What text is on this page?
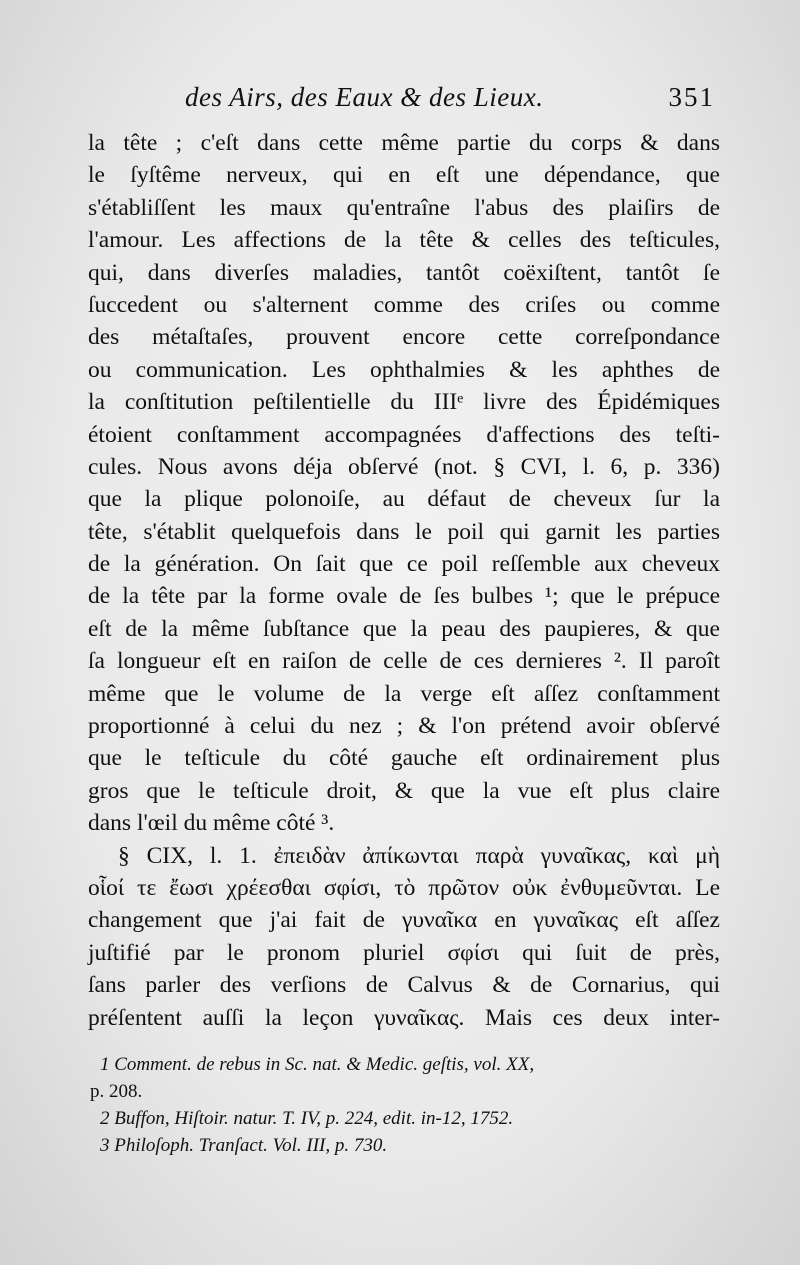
des Airs, des Eaux & des Lieux.	351
la tête ; c'eſt dans cette même partie du corps & dans
le ſyſtême nerveux, qui en eſt une dépendance, que
s'établiſſent les maux qu'entraîne l'abus des plaiſirs de
l'amour. Les affections de la tête & celles des teſticules,
qui, dans diverſes maladies, tantôt coëxiſtent, tantôt ſe
ſuccedent ou s'alternent comme des criſes ou comme
des métaſtaſes, prouvent encore cette correſpondance
ou communication. Les ophthalmies & les aphthes de
la conſtitution peſtilentielle du IIIᵉ livre des Épidémiques
étoient conſtamment accompagnées d'affections des teſti-
cules. Nous avons déja obſervé (not. § CVI, l. 6, p. 336)
que la plique polonoiſe, au défaut de cheveux ſur la
tête, s'établit quelquefois dans le poil qui garnit les parties
de la génération. On ſait que ce poil reſſemble aux cheveux
de la tête par la forme ovale de ſes bulbes ¹; que le prépuce
eſt de la même ſubſtance que la peau des paupieres, & que
ſa longueur eſt en raiſon de celle de ces dernieres ². Il paroît
même que le volume de la verge eſt aſſez conſtamment
proportionné à celui du nez ; & l'on prétend avoir obſervé
que le teſticule du côté gauche eſt ordinairement plus
gros que le teſticule droit, & que la vue eſt plus claire
dans l'œil du même côté ³.
§ CIX, l. 1. ἐπειδὰν ἀπίκωνται παρὰ γυναῖκας, καὶ μὴ
οἷοί τε ἔωσι χρέεσθαι σφίσι, τὸ πρῶτον οὐκ ἐνθυμεῦνται. Le
changement que j'ai fait de γυναῖκα en γυναῖκας eſt aſſez
juſtifié par le pronom pluriel σφίσι qui ſuit de près,
ſans parler des verſions de Calvus & de Cornarius, qui
préſentent auſſi la leçon γυναῖκας. Mais ces deux inter-
1 Comment. de rebus in Sc. nat. & Medic. geſtis, vol. XX,
p. 208.
2 Buffon, Hiſtoir. natur. T. IV, p. 224, edit. in-12, 1752.
3 Philoſoph. Tranſact. Vol. III, p. 730.
